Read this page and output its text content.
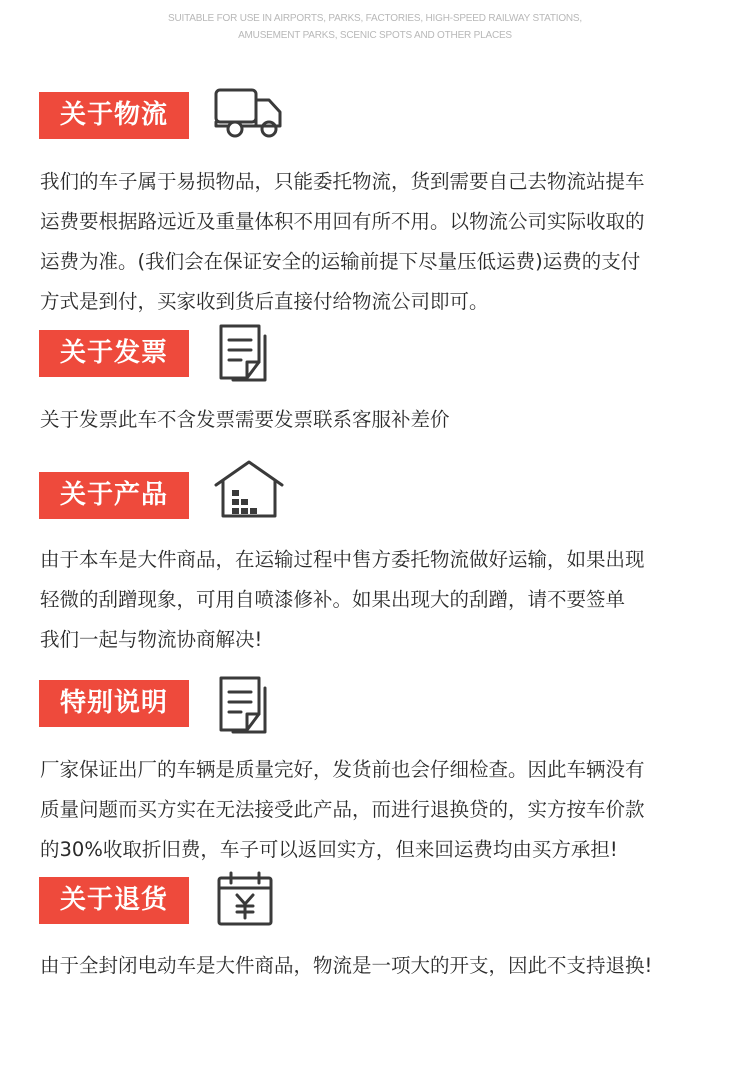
SUITABLE FOR USE IN AIRPORTS, PARKS, FACTORIES, HIGH-SPEED RAILWAY STATIONS,
AMUSEMENT PARKS, SCENIC SPOTS AND OTHER PLACES
关于物流
我们的车子属于易损物品，只能委托物流，货到需要自己去物流站提车
运费要根据路远近及重量体积不用回有所不用。以物流公司实际收取的
运费为准。(我们会在保证安全的运输前提下尽量压低运费)运费的支付
方式是到付，买家收到货后直接付给物流公司即可。
关于发票
关于发票此车不含发票需要发票联系客服补差价
关于产品
由于本车是大件商品，在运输过程中售方委托物流做好运输，如果出现
轻微的刮蹭现象，可用自喷漆修补。如果出现大的刮蹭，请不要签单
我们一起与物流协商解决!
特别说明
厂家保证出厂的车辆是质量完好，发货前也会仔细检查。因此车辆没有
质量问题而买方实在无法接受此产品，而进行退换贷的，实方按车价款
的30%收取折旧费，车子可以返回实方，但来回运费均由买方承担!
关于退货
由于全封闭电动车是大件商品，物流是一项大的开支，因此不支持退换!
